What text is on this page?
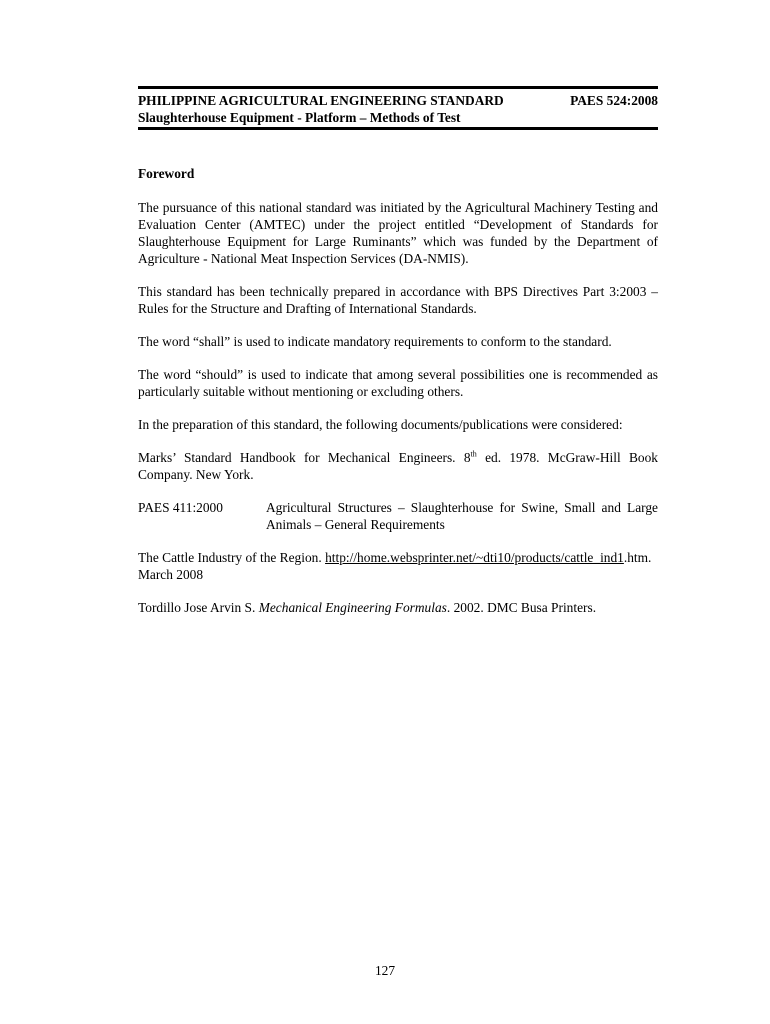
PHILIPPINE AGRICULTURAL ENGINEERING STANDARD	PAES 524:2008
Slaughterhouse Equipment - Platform – Methods of Test
Foreword

The pursuance of this national standard was initiated by the Agricultural Machinery Testing and Evaluation Center (AMTEC) under the project entitled “Development of Standards for Slaughterhouse Equipment for Large Ruminants” which was funded by the Department of Agriculture - National Meat Inspection Services (DA-NMIS).

This standard has been technically prepared in accordance with BPS Directives Part 3:2003 – Rules for the Structure and Drafting of International Standards.

The word “shall” is used to indicate mandatory requirements to conform to the standard.

The word “should” is used to indicate that among several possibilities one is recommended as particularly suitable without mentioning or excluding others.

In the preparation of this standard, the following documents/publications were considered:

Marks’ Standard Handbook for Mechanical Engineers. 8th ed. 1978. McGraw-Hill Book Company. New York.

PAES 411:2000	Agricultural Structures – Slaughterhouse for Swine, Small and Large Animals – General Requirements

The Cattle Industry of the Region. http://home.websprinter.net/~dti10/products/cattle_ind1.htm. March 2008

Tordillo Jose Arvin S. Mechanical Engineering Formulas. 2002. DMC Busa Printers.

127
